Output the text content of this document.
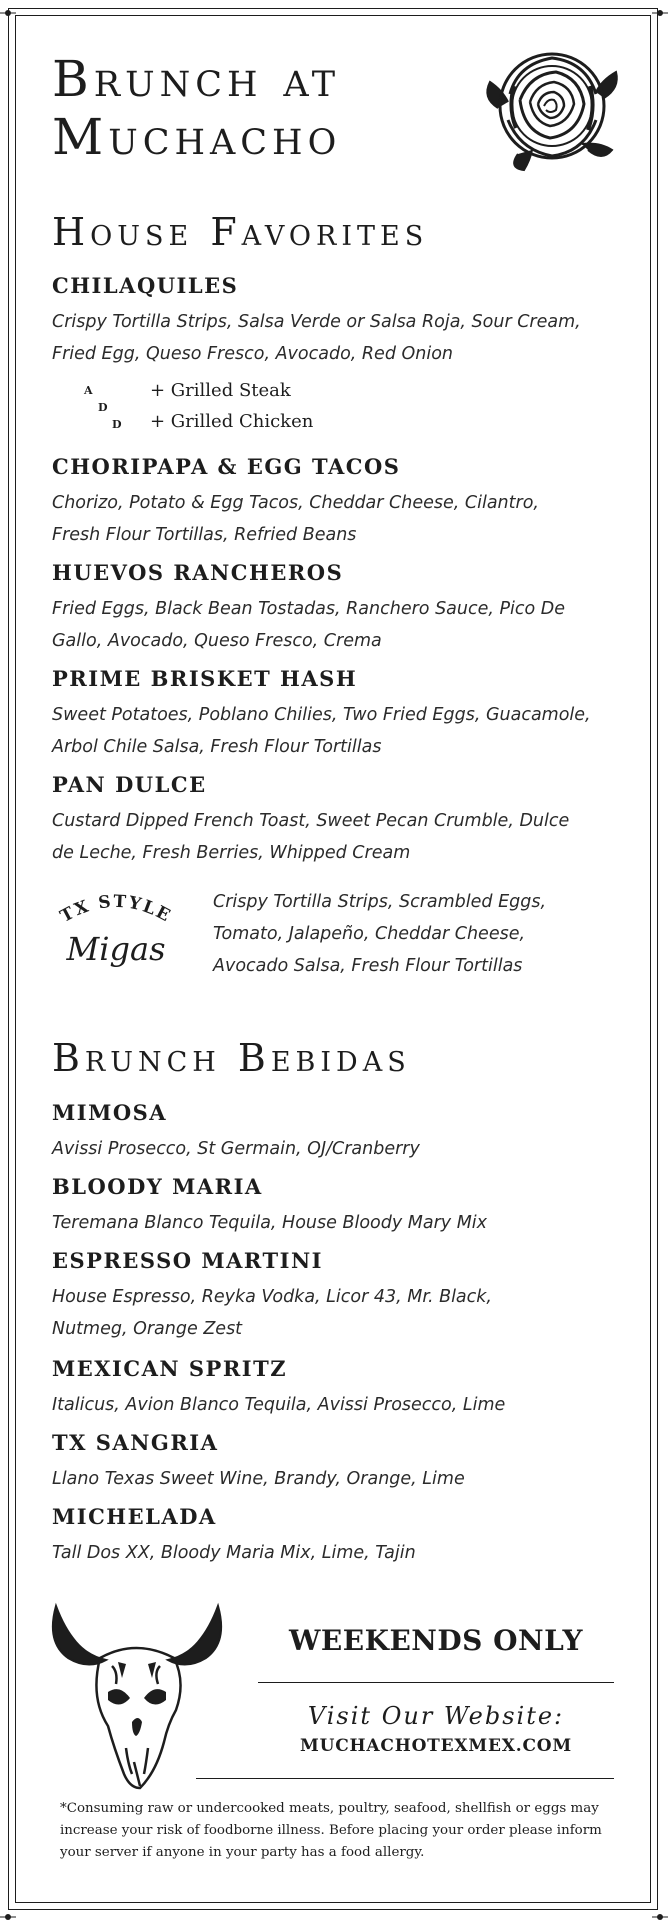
Brunch at
Muchacho
House Favorites
CHILAQUILES
Crispy Tortilla Strips, Salsa Verde or Salsa Roja, Sour Cream, Fried Egg, Queso Fresco, Avocado, Red Onion
A
D
D
+ Grilled Steak
+ Grilled Chicken
CHORIPAPA & EGG TACOS
Chorizo, Potato & Egg Tacos, Cheddar Cheese, Cilantro, Fresh Flour Tortillas, Refried Beans
HUEVOS RANCHEROS
Fried Eggs, Black Bean Tostadas, Ranchero Sauce, Pico De Gallo, Avocado, Queso Fresco, Crema
PRIME BRISKET HASH
Sweet Potatoes, Poblano Chilies, Two Fried Eggs, Guacamole, Arbol Chile Salsa, Fresh Flour Tortillas
PAN DULCE
Custard Dipped French Toast, Sweet Pecan Crumble, Dulce de Leche, Fresh Berries, Whipped Cream
TX STYLE
Migas
Crispy Tortilla Strips, Scrambled Eggs, Tomato, Jalapeño, Cheddar Cheese, Avocado Salsa, Fresh Flour Tortillas
Brunch Bebidas
MIMOSA
Avissi Prosecco, St Germain, OJ/Cranberry
BLOODY MARIA
Teremana Blanco Tequila, House Bloody Mary Mix
ESPRESSO MARTINI
House Espresso, Reyka Vodka, Licor 43, Mr. Black, Nutmeg, Orange Zest
MEXICAN SPRITZ
Italicus, Avion Blanco Tequila, Avissi Prosecco, Lime
TX SANGRIA
Llano Texas Sweet Wine, Brandy, Orange, Lime
MICHELADA
Tall Dos XX, Bloody Maria Mix, Lime, Tajin
WEEKENDS ONLY
Visit Our Website:
MUCHACHOTEXMEX.COM
*Consuming raw or undercooked meats, poultry, seafood, shellfish or eggs may increase your risk of foodborne illness. Before placing your order please inform your server if anyone in your party has a food allergy.
